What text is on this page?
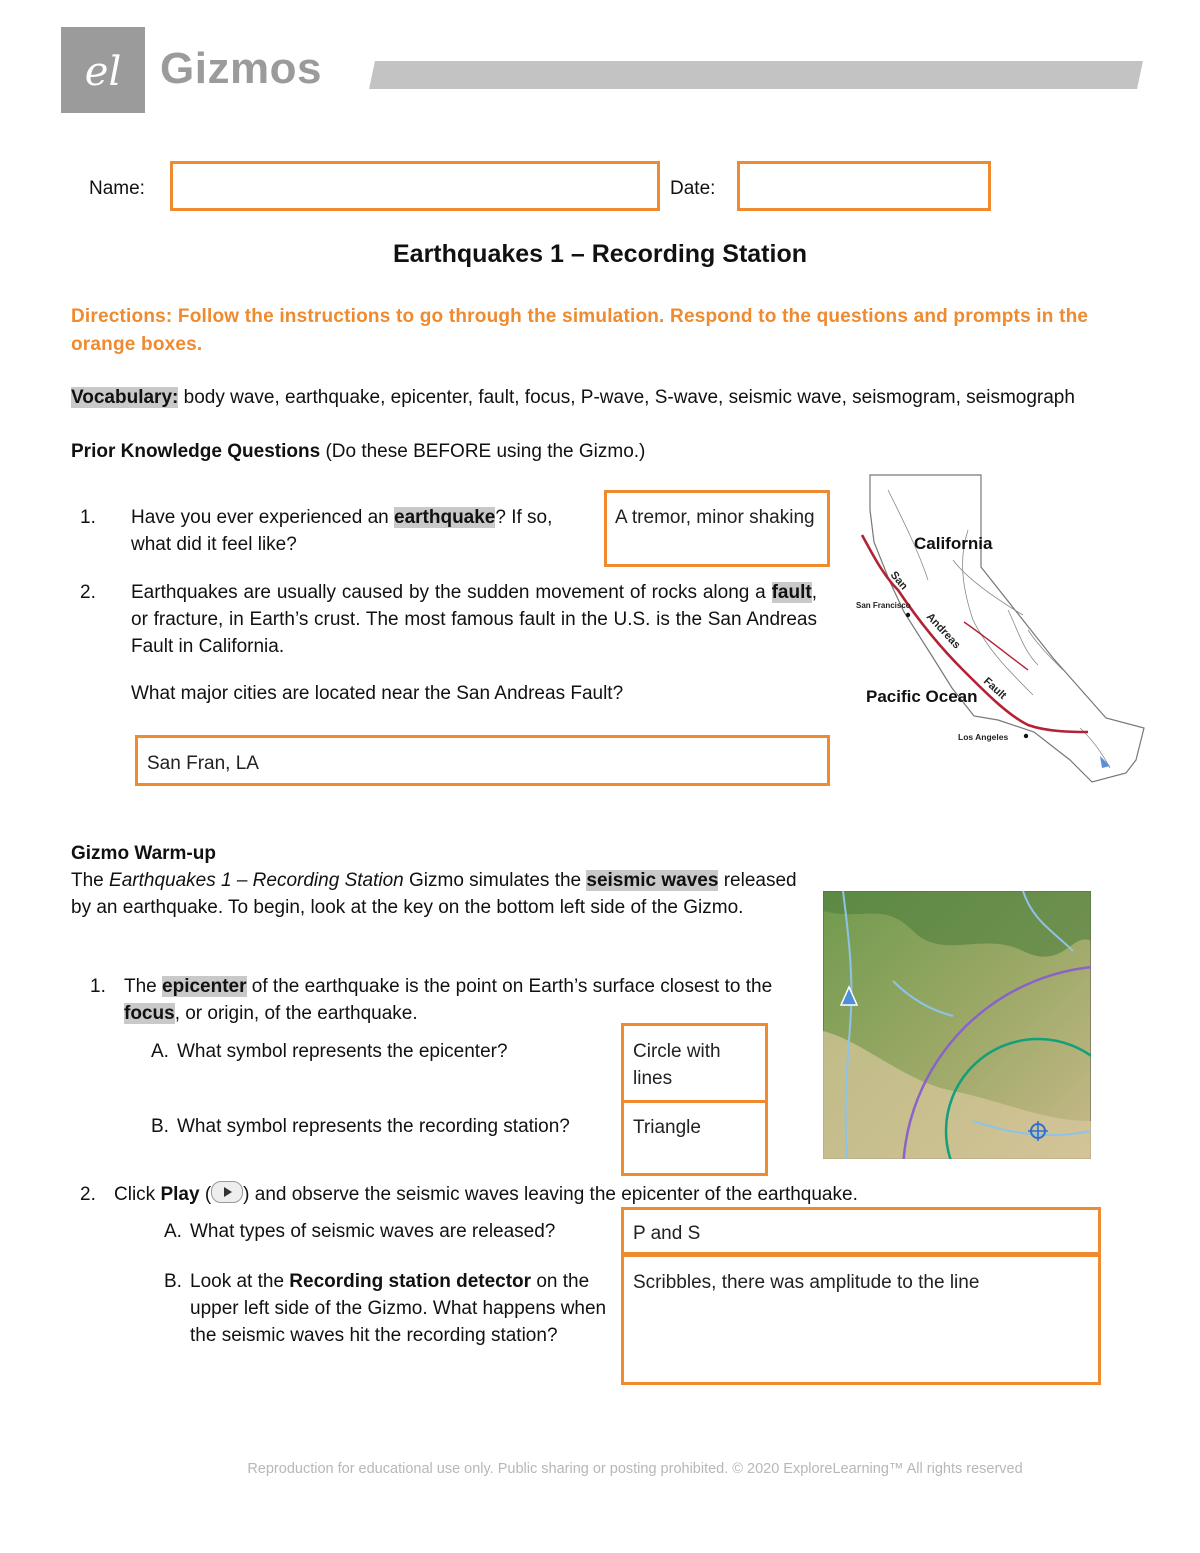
el Gizmos
Name:	Date:
Earthquakes 1 – Recording Station
Directions: Follow the instructions to go through the simulation. Respond to the questions and prompts in the orange boxes.
Vocabulary: body wave, earthquake, epicenter, fault, focus, P-wave, S-wave, seismic wave, seismogram, seismograph
Prior Knowledge Questions (Do these BEFORE using the Gizmo.)
1. Have you ever experienced an earthquake? If so, what did it feel like?
A tremor, minor shaking
2. Earthquakes are usually caused by the sudden movement of rocks along a fault, or fracture, in Earth’s crust. The most famous fault in the U.S. is the San Andreas Fault in California.
What major cities are located near the San Andreas Fault?
San Fran, LA
California
San Francisco
San
Andreas
Fault
Pacific Ocean
Los Angeles
Gizmo Warm-up
The Earthquakes 1 – Recording Station Gizmo simulates the seismic waves released by an earthquake. To begin, look at the key on the bottom left side of the Gizmo.
1. The epicenter of the earthquake is the point on Earth’s surface closest to the focus, or origin, of the earthquake.
A. What symbol represents the epicenter?	Circle with lines
B. What symbol represents the recording station?	Triangle
2. Click Play ( ) and observe the seismic waves leaving the epicenter of the earthquake.
A. What types of seismic waves are released?	P and S
B. Look at the Recording station detector on the upper left side of the Gizmo. What happens when the seismic waves hit the recording station?
Scribbles, there was amplitude to the line
Reproduction for educational use only. Public sharing or posting prohibited. © 2020 ExploreLearning™ All rights reserved
